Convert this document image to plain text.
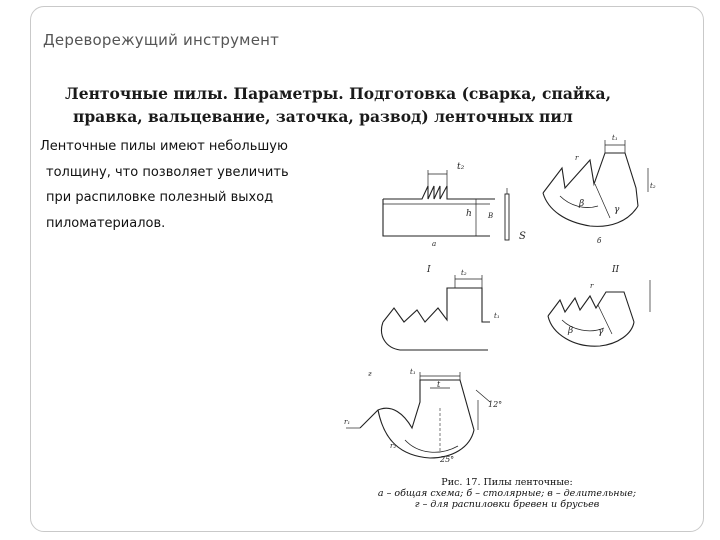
Дереворежущий инструмент
Ленточные пилы. Параметры. Подготовка (сварка, спайка,
правка, вальцевание, заточка, развод) ленточных пил
Ленточные пилы имеют небольшую
толщину, что позволяет увеличить
при распиловке полезный выход
пиломатериалов.
t₂
h
S
а
B
t₁
t₂
β
γ
r
б
t₂
I
t₁
II
r
β	γ
г	t₁
t
12°
r₁
r₂
25°
Рис. 17. Пилы ленточные:
а – общая схема; б – столярные; в – делительные;
г – для распиловки бревен и брусьев
